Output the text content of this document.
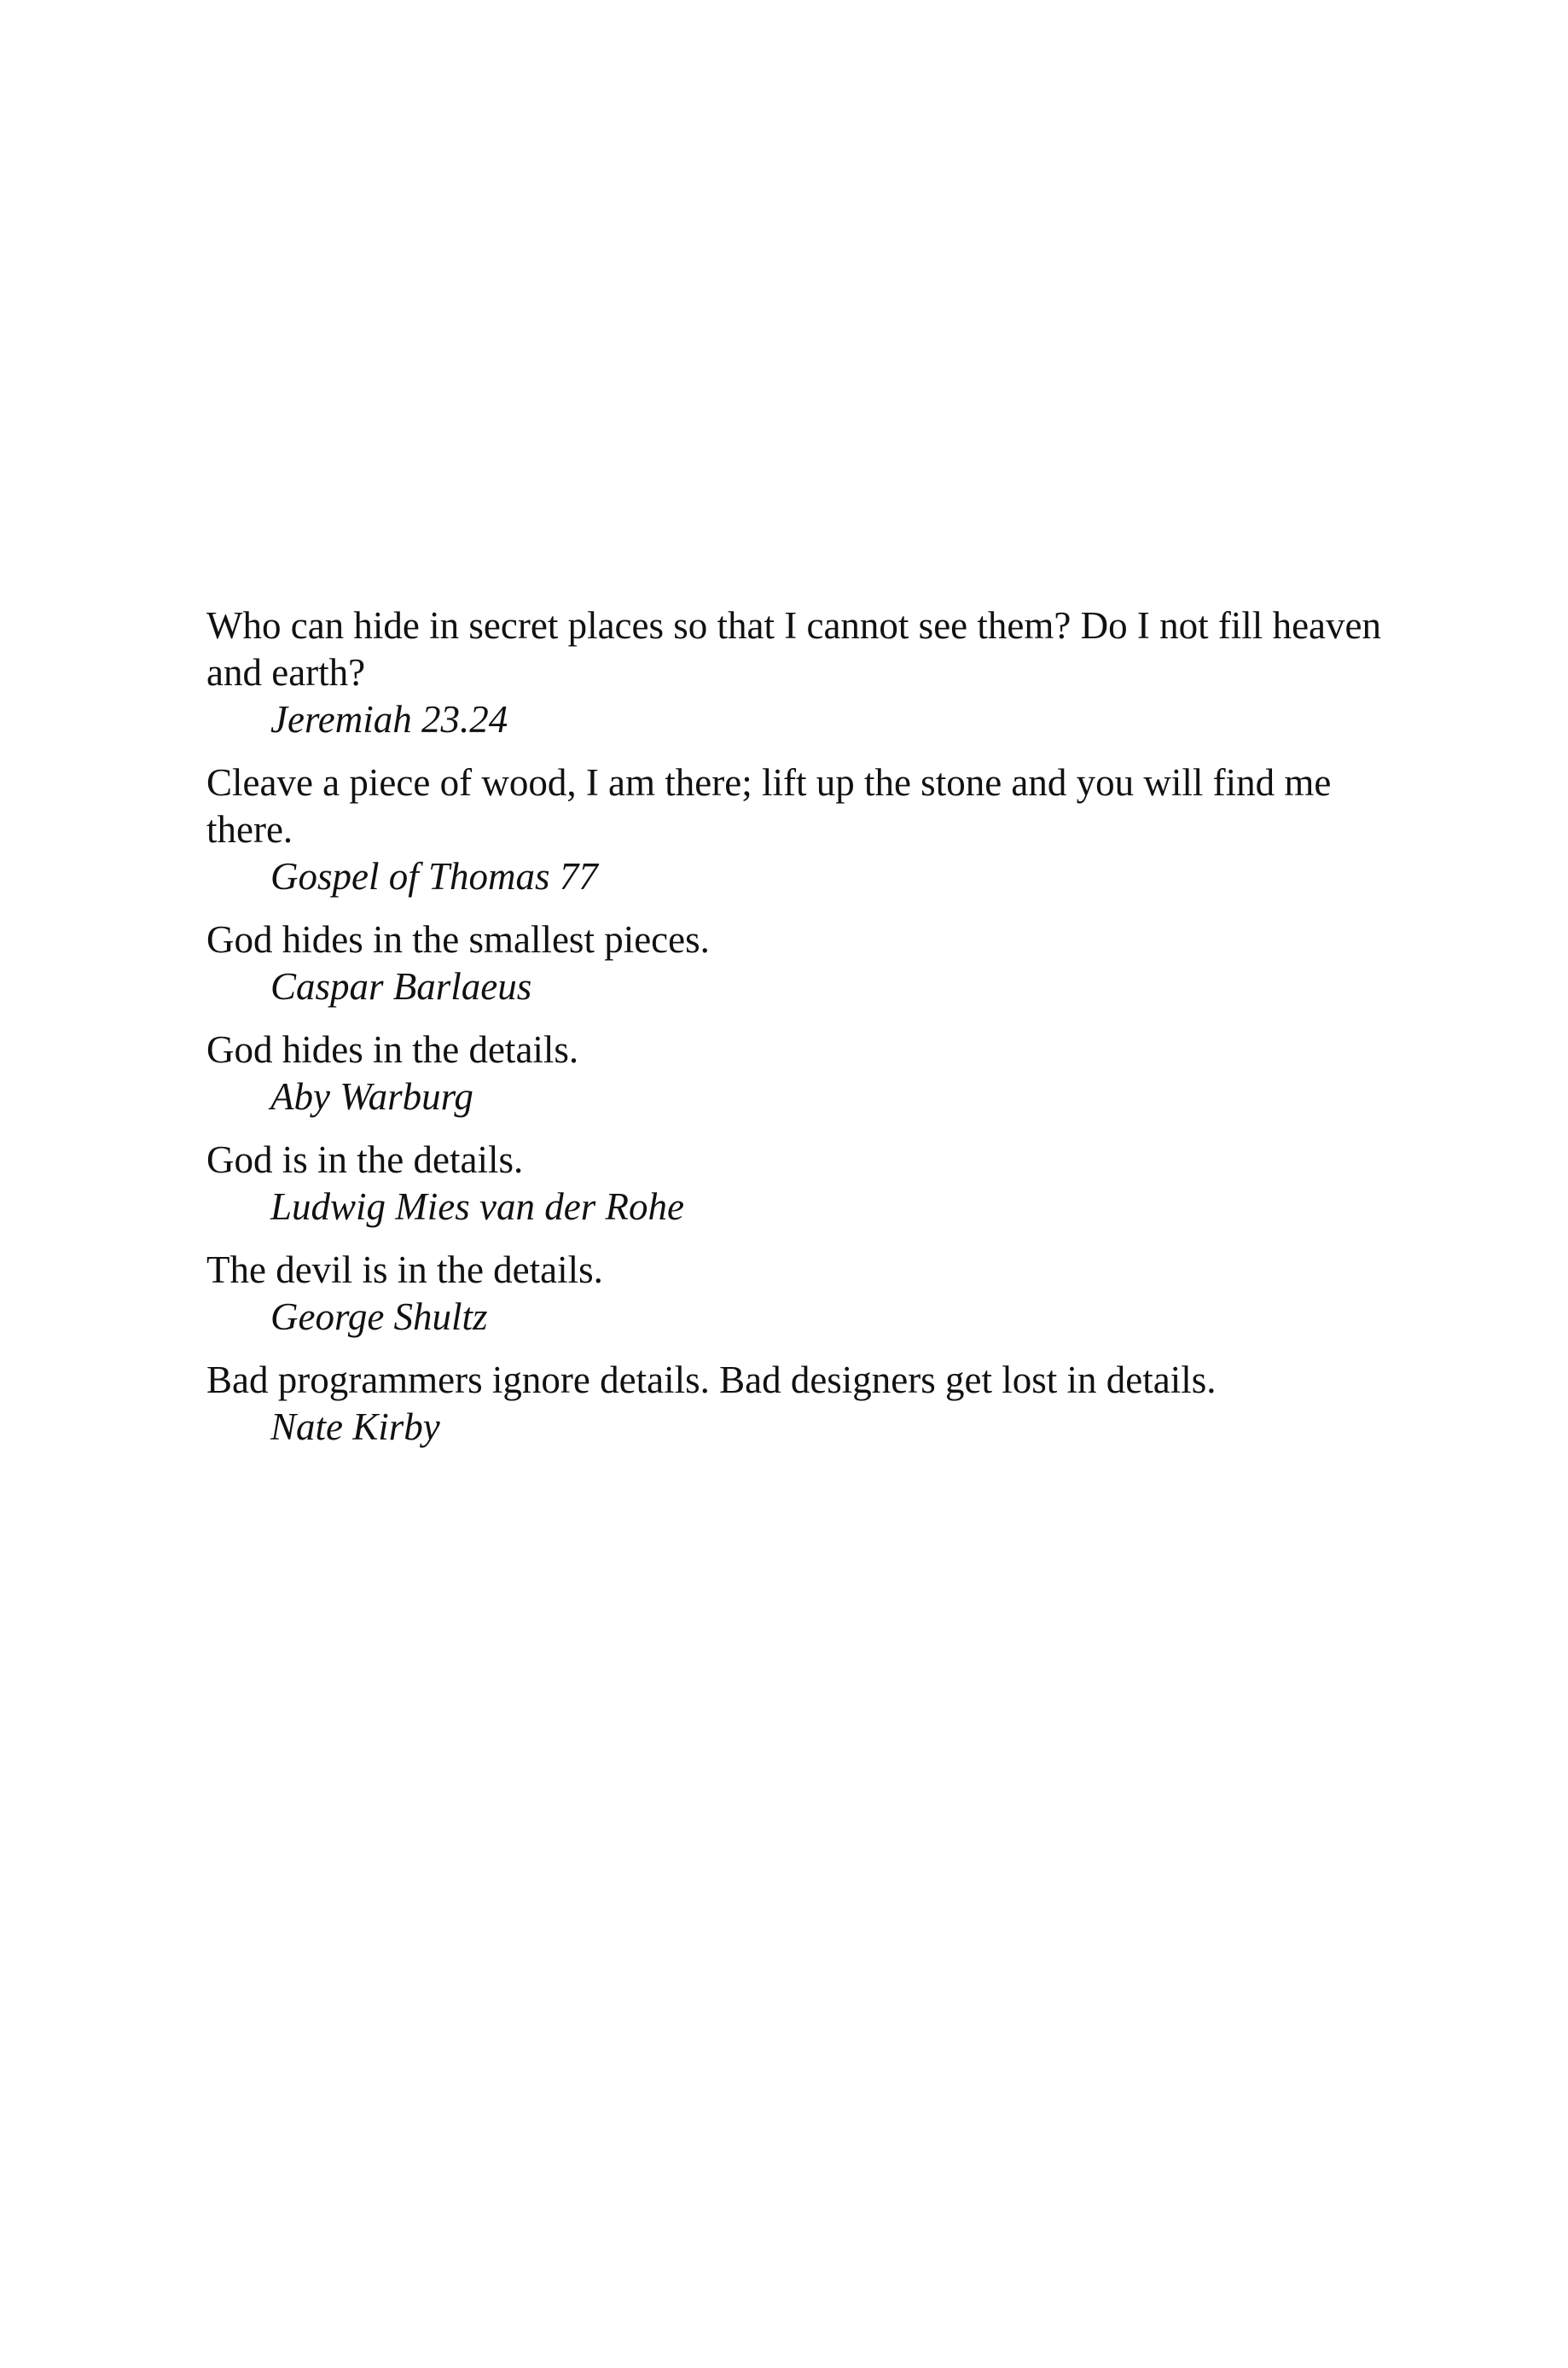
Who can hide in secret places so that I cannot see them? Do I not fill heaven and earth?

Jeremiah 23.24

Cleave a piece of wood, I am there; lift up the stone and you will find me there.

Gospel of Thomas 77

God hides in the smallest pieces.

Caspar Barlaeus

God hides in the details.

Aby Warburg

God is in the details.

Ludwig Mies van der Rohe

The devil is in the details.

George Shultz

Bad programmers ignore details. Bad designers get lost in details.

Nate Kirby
